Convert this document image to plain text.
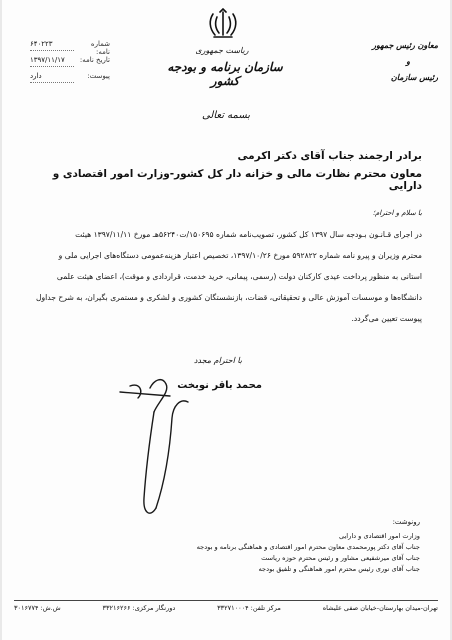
۶۴۰۲۲۳	شماره نامه:
۱۳۹۷/۱۱/۱۷	تاریخ نامه:
دارد	پیوست:
ریاست جمهوری
سازمان برنامه و بودجه کشور
معاون رئیس جمهور
و
رئیس سازمان
بسمه تعالی
برادر ارجمند جناب آقای دکتر اکرمی
معاون محترم نظارت مالی و خزانه دار کل کشور-وزارت امور اقتصادی و دارایی
با سلام و احترام؛
در اجرای قـانـون بـودجه سال ۱۳۹۷ کل کشور، تصویب‌نامه شماره ۱۵۰۶۹۵/ت۵۶۲۴۰هـ مورخ ۱۳۹۷/۱۱/۱۱ هیئت
محترم وزیران و پیرو نامه شماره ۵۹۲۸۲۲ مورخ ۱۳۹۷/۱۰/۲۶، تخصیص اعتبار هزینه‌عمومی دستگاه‌های اجرایی ملی و
استانی به منظور پرداخت عیدی کارکنان دولت (رسمی، پیمانی، خرید خدمت، قراردادی و موقت)، اعضای هیئت علمی
دانشگاه‌ها و موسسات آموزش عالی و تحقیقاتی، قضات، بازنشستگان کشوری و لشکری و مستمری بگیران، به شرح جداول
پیوست تعیین می‌گردد.
با احترام مجدد
محمد باقر نوبخت
رونوشت:
وزارت امور اقتصادی و دارایی
جناب آقای دکتر پورمحمدی معاون محترم امور اقتصادی و هماهنگی برنامه و بودجه
جناب آقای میرشفیعی مشاور و رئیس محترم حوزه ریاست
جناب آقای نوری رئیس محترم امور هماهنگی و تلفیق بودجه
تهران-میدان بهارستان-خیابان صفی علیشاه
مرکز تلفن: ۳۳۲۷۱۰۰۰۴
دورنگار مرکزی: ۳۳۲۱۶۲۶۶
ش.ش: ۳۰۱۶۷۷۴
